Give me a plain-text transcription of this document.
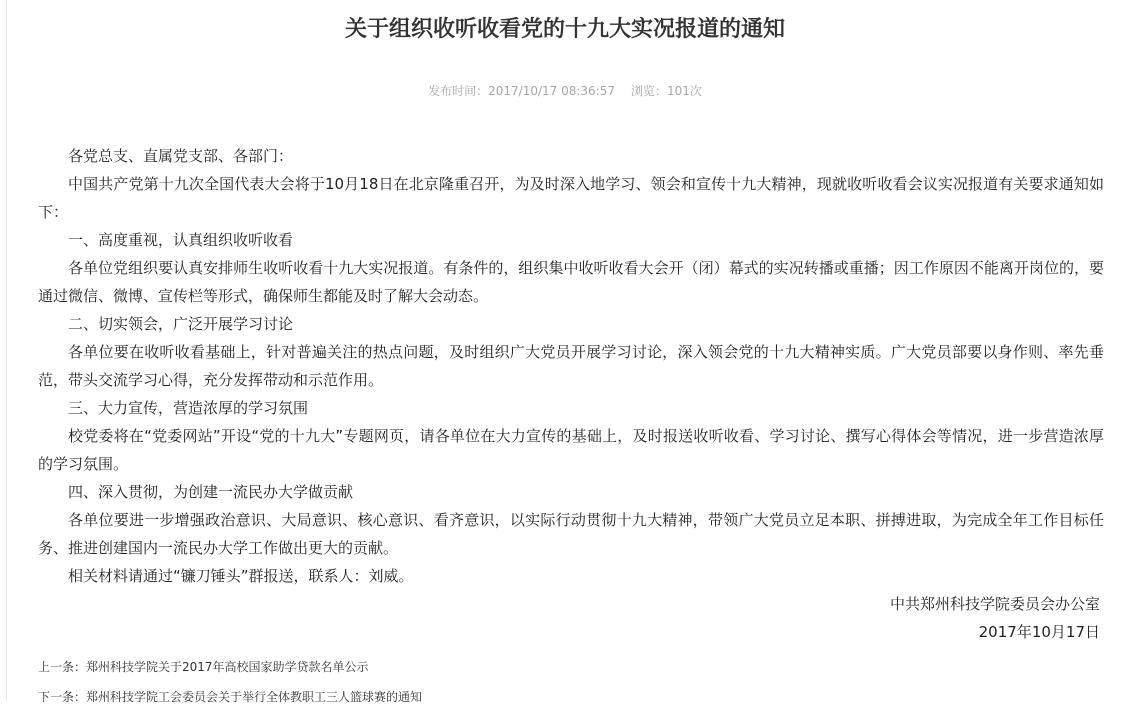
关于组织收听收看党的十九大实况报道的通知
发布时间：2017/10/17 08:36:57 浏览：101次

各党总支、直属党支部、各部门：

中国共产党第十九次全国代表大会将于10月18日在北京隆重召开，为及时深入地学习、领会和宣传十九大精神，现就收听收看会议实况报道有关要求通知如下：

一、高度重视，认真组织收听收看

各单位党组织要认真安排师生收听收看十九大实况报道。有条件的，组织集中收听收看大会开（闭）幕式的实况转播或重播；因工作原因不能离开岗位的，要通过微信、微博、宣传栏等形式，确保师生都能及时了解大会动态。

二、切实领会，广泛开展学习讨论

各单位要在收听收看基础上，针对普遍关注的热点问题，及时组织广大党员开展学习讨论，深入领会党的十九大精神实质。广大党员部要以身作则、率先垂范，带头交流学习心得，充分发挥带动和示范作用。

三、大力宣传，营造浓厚的学习氛围

校党委将在“党委网站”开设“党的十九大”专题网页，请各单位在大力宣传的基础上，及时报送收听收看、学习讨论、撰写心得体会等情况，进一步营造浓厚的学习氛围。

四、深入贯彻，为创建一流民办大学做贡献

各单位要进一步增强政治意识、大局意识、核心意识、看齐意识，以实际行动贯彻十九大精神，带领广大党员立足本职、拼搏进取，为完成全年工作目标任务、推进创建国内一流民办大学工作做出更大的贡献。

相关材料请通过“镰刀锤头”群报送，联系人：刘威。

中共郑州科技学院委员会办公室
2017年10月17日
上一条：郑州科技学院关于2017年高校国家助学贷款名单公示
下一条：郑州科技学院工会委员会关于举行全体教职工三人篮球赛的通知
